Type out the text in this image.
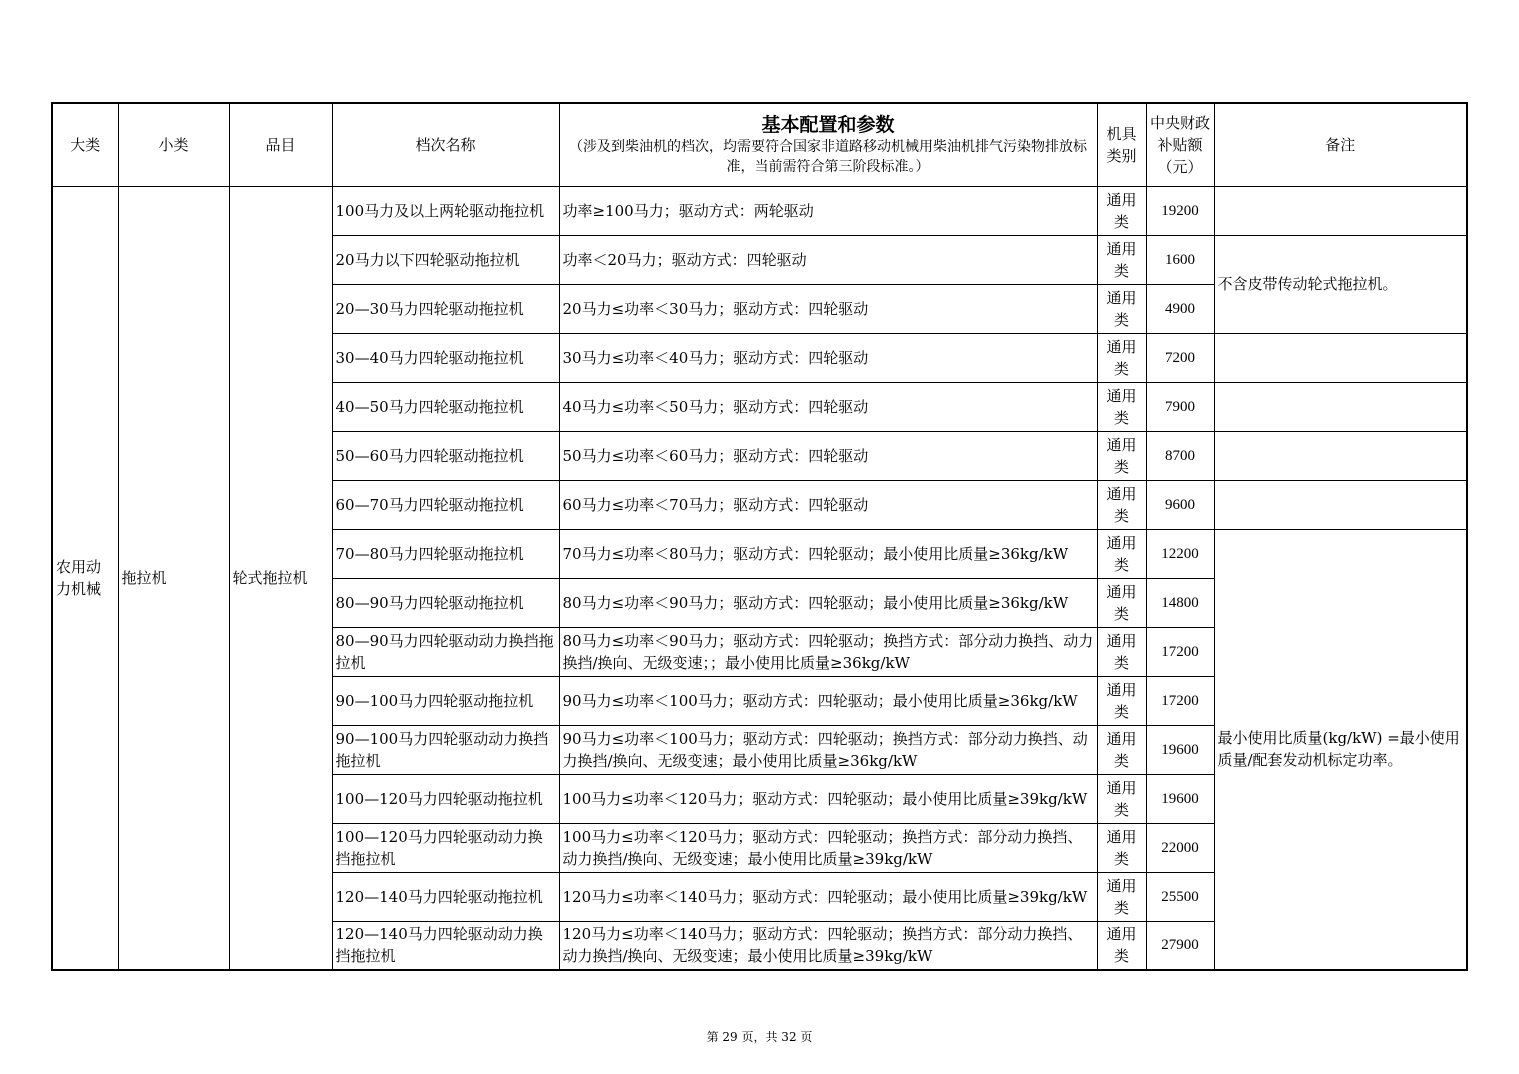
大类	小类	品目	档次名称	基本配置和参数
（涉及到柴油机的档次，均需要符合国家非道路移动机械用柴油机排气污染物排放标准，当前需符合第三阶段标准。）	机具类别	中央财政补贴额（元）	备注
农用动力机械	拖拉机	轮式拖拉机	100马力及以上两轮驱动拖拉机	功率≥100马力；驱动方式：两轮驱动	通用类	19200	
			20马力以下四轮驱动拖拉机	功率＜20马力；驱动方式：四轮驱动	通用类	1600	不含皮带传动轮式拖拉机。
			20—30马力四轮驱动拖拉机	20马力≤功率＜30马力；驱动方式：四轮驱动	通用类	4900	
			30—40马力四轮驱动拖拉机	30马力≤功率＜40马力；驱动方式：四轮驱动	通用类	7200	
			40—50马力四轮驱动拖拉机	40马力≤功率＜50马力；驱动方式：四轮驱动	通用类	7900	
			50—60马力四轮驱动拖拉机	50马力≤功率＜60马力；驱动方式：四轮驱动	通用类	8700	
			60—70马力四轮驱动拖拉机	60马力≤功率＜70马力；驱动方式：四轮驱动	通用类	9600	
			70—80马力四轮驱动拖拉机	70马力≤功率＜80马力；驱动方式：四轮驱动；最小使用比质量≥36kg/kW	通用类	12200	最小使用比质量(kg/kW) =最小使用质量/配套发动机标定功率。
			80—90马力四轮驱动拖拉机	80马力≤功率＜90马力；驱动方式：四轮驱动；最小使用比质量≥36kg/kW	通用类	14800	
			80—90马力四轮驱动动力换挡拖拉机	80马力≤功率＜90马力；驱动方式：四轮驱动；换挡方式：部分动力换挡、动力换挡/换向、无级变速；；最小使用比质量≥36kg/kW	通用类	17200	
			90—100马力四轮驱动拖拉机	90马力≤功率＜100马力；驱动方式：四轮驱动；最小使用比质量≥36kg/kW	通用类	17200	
			90—100马力四轮驱动动力换挡拖拉机	90马力≤功率＜100马力；驱动方式：四轮驱动；换挡方式：部分动力换挡、动力换挡/换向、无级变速；最小使用比质量≥36kg/kW	通用类	19600	
			100—120马力四轮驱动拖拉机	100马力≤功率＜120马力；驱动方式：四轮驱动；最小使用比质量≥39kg/kW	通用类	19600	
			100—120马力四轮驱动动力换挡拖拉机	100马力≤功率＜120马力；驱动方式：四轮驱动；换挡方式：部分动力换挡、动力换挡/换向、无级变速；最小使用比质量≥39kg/kW	通用类	22000	
			120—140马力四轮驱动拖拉机	120马力≤功率＜140马力；驱动方式：四轮驱动；最小使用比质量≥39kg/kW	通用类	25500	
			120—140马力四轮驱动动力换挡拖拉机	120马力≤功率＜140马力；驱动方式：四轮驱动；换挡方式：部分动力换挡、动力换挡/换向、无级变速；最小使用比质量≥39kg/kW	通用类	27900	
第 29 页，共 32 页
